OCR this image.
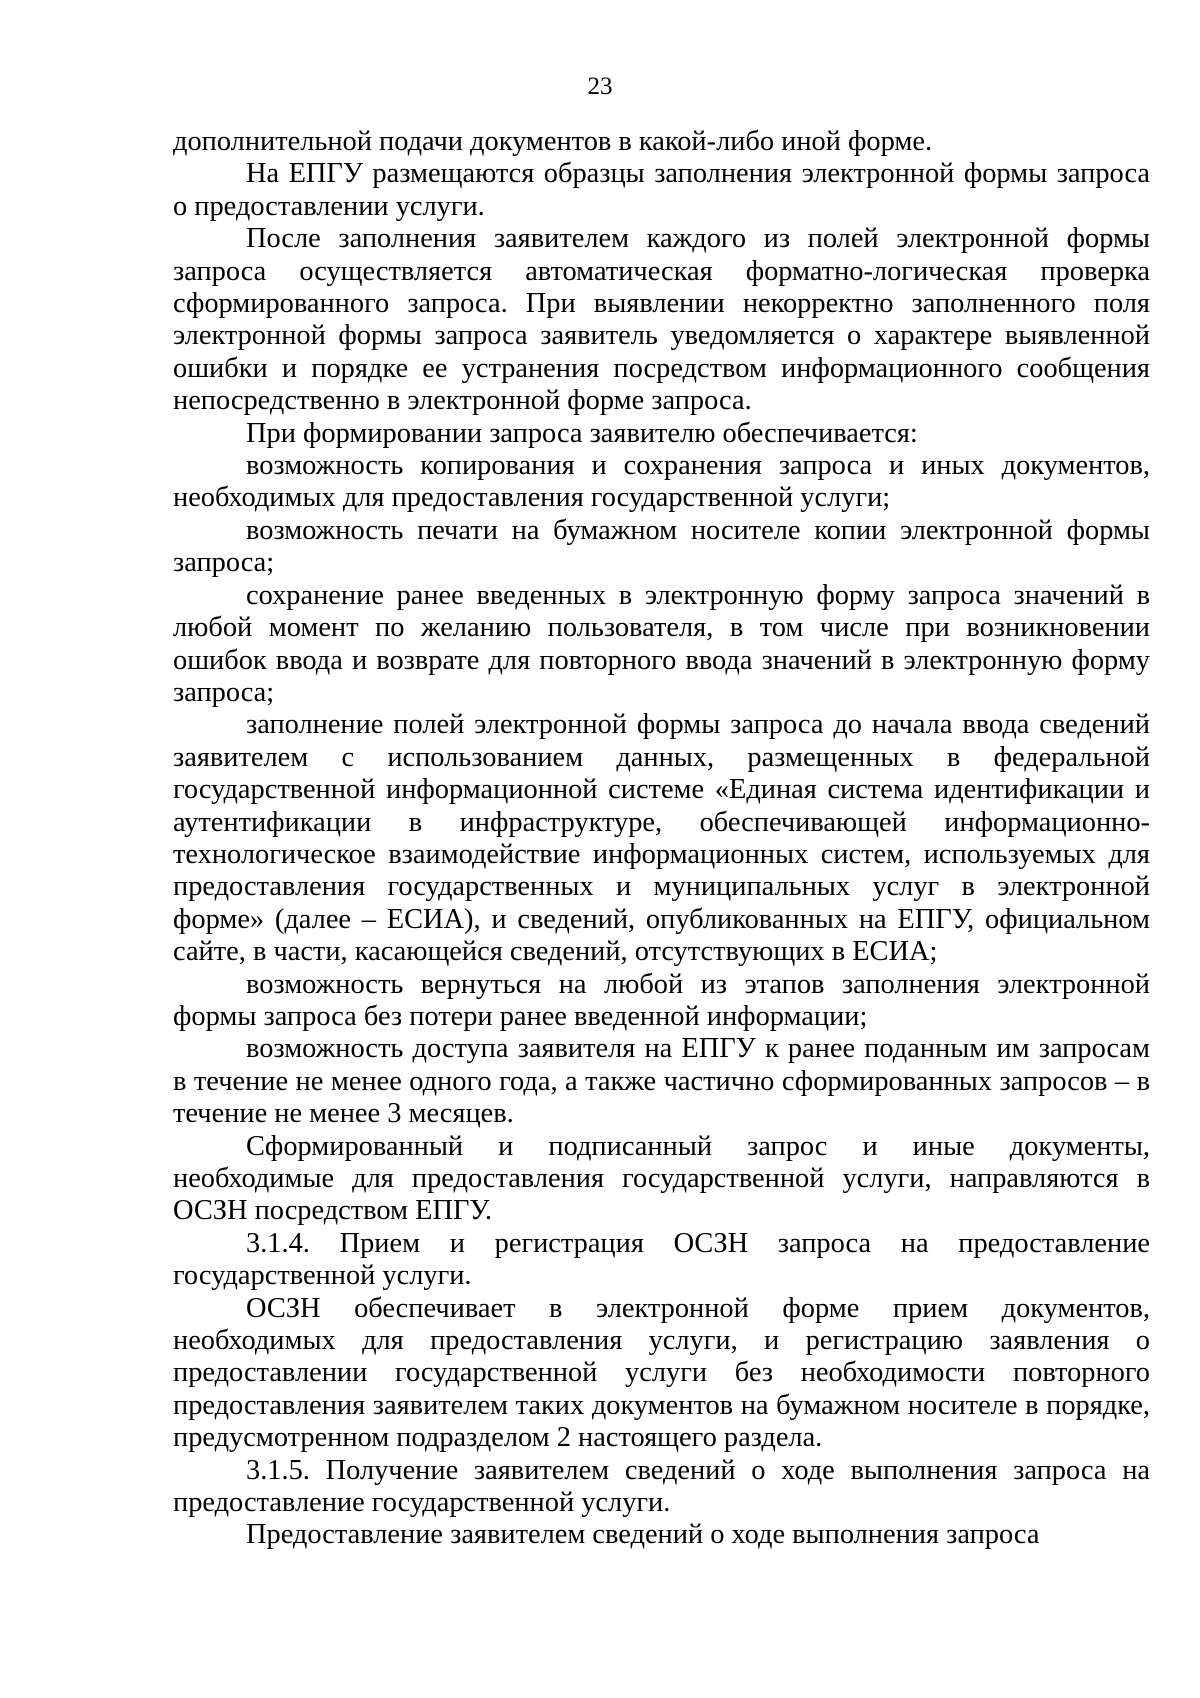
23

дополнительной подачи документов в какой-либо иной форме.

На ЕПГУ размещаются образцы заполнения электронной формы запроса о предоставлении услуги.

После заполнения заявителем каждого из полей электронной формы запроса осуществляется автоматическая форматно-логическая проверка сформированного запроса. При выявлении некорректно заполненного поля электронной формы запроса заявитель уведомляется о характере выявленной ошибки и порядке ее устранения посредством информационного сообщения непосредственно в электронной форме запроса.

При формировании запроса заявителю обеспечивается:

возможность копирования и сохранения запроса и иных документов, необходимых для предоставления государственной услуги;

возможность печати на бумажном носителе копии электронной формы запроса;

сохранение ранее введенных в электронную форму запроса значений в любой момент по желанию пользователя, в том числе при возникновении ошибок ввода и возврате для повторного ввода значений в электронную форму запроса;

заполнение полей электронной формы запроса до начала ввода сведений заявителем с использованием данных, размещенных в федеральной государственной информационной системе «Единая система идентификации и аутентификации в инфраструктуре, обеспечивающей информационно-технологическое взаимодействие информационных систем, используемых для предоставления государственных и муниципальных услуг в электронной форме» (далее – ЕСИА), и сведений, опубликованных на ЕПГУ, официальном сайте, в части, касающейся сведений, отсутствующих в ЕСИА;

возможность вернуться на любой из этапов заполнения электронной формы запроса без потери ранее введенной информации;

возможность доступа заявителя на ЕПГУ к ранее поданным им запросам в течение не менее одного года, а также частично сформированных запросов – в течение не менее 3 месяцев.

Сформированный и подписанный запрос и иные документы, необходимые для предоставления государственной услуги, направляются в ОСЗН посредством ЕПГУ.

3.1.4. Прием и регистрация ОСЗН запроса на предоставление государственной услуги.

ОСЗН обеспечивает в электронной форме прием документов, необходимых для предоставления услуги, и регистрацию заявления о предоставлении государственной услуги без необходимости повторного предоставления заявителем таких документов на бумажном носителе в порядке, предусмотренном подразделом 2 настоящего раздела.

3.1.5. Получение заявителем сведений о ходе выполнения запроса на предоставление государственной услуги.

Предоставление заявителем сведений о ходе выполнения запроса
